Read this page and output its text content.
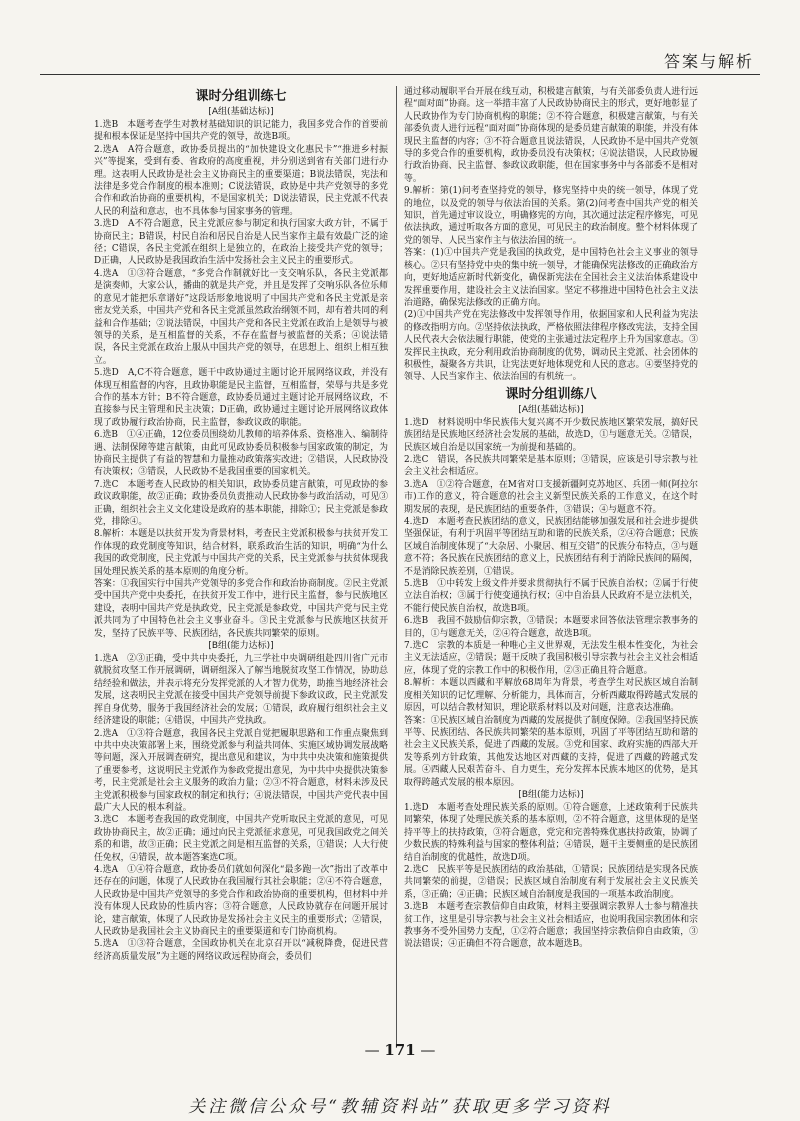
答案与解析
课时分组训练七
[A组(基础达标)]

1.选B　本题考查学生对教材基础知识的识记能力，我国多党合作的首要前提和根本保证是坚持中国共产党的领导，故选B项。

2.选A　A符合题意，政协委员提出的“加快建设文化惠民卡”“推进乡村振兴”等提案，受到有委、省政府的高度重视，并分别送到省有关部门进行办理。这表明人民政协是社会主义协商民主的重要渠道；B说法错误，宪法和法律是多党合作制度的根本准则；C说法错误，政协是中共产党领导的多党合作和政治协商的重要机构，不是国家机关；D说法错误，民主党派不代表人民的利益和意志，也不具体参与国家事务的管理。

3.选D　A不符合题意，民主党派应参与制定和执行国家大政方针，不属于协商民主；B错误，村民自治和居民自治是人民当家作主最有效最广泛的途径；C错误，各民主党派在组织上是独立的，在政治上接受共产党的领导；D正确，人民政协是我国政治生活中发扬社会主义民主的重要形式。

4.选A　①③符合题意，“多党合作制就好比一支交响乐队，各民主党派都是演奏师，大家公认，播曲的就是共产党，并且是发挥了交响乐队各位乐师的意见才能把乐章谱好”这段话形象地说明了中国共产党和各民主党派是亲密友党关系，中国共产党和各民主党派虽然政治纲领不同，却有着共同的利益和合作基础；②说法错误，中国共产党和各民主党派在政治上是领导与被领导的关系，是互相监督的关系，不存在监督与被监督的关系；④说法错误，各民主党派在政治上服从中国共产党的领导，在思想上、组织上相互独立。

5.选D　A,C不符合题意，题干中政协通过主题讨论开展网络议政，并没有体现互相监督的内容，且政协职能是民主监督，互相监督，荣辱与共是多党合作的基本方针；B不符合题意，政协委员通过主题讨论开展网络议政，不直接参与民主管理和民主决策；D正确，政协通过主题讨论开展网络议政体现了政协履行政治协商，民主监督，参政议政的职能。

6.选B　①④正确，12位委员围绕幼儿教师的培养体系、资格准入、编制待遇、法制保障等建言献策，由此可见政协委员积极参与国家政策的制定，为协商民主提供了有益的智慧和力量推动政策落实改进；②错误，人民政协没有决策权；③错误，人民政协不是我国重要的国家机关。

7.选C　本题考查人民政协的相关知识，政协委员建言献策，可见政协的参政议政职能，故②正确；政协委员负责推动人民政协参与政治活动，可见③正确，组织社会主义文化建设是政府的基本职能，排除①；民主党派是参政党，排除④。

8.解析：本题是以扶贫开发为背景材料，考查民主党派积极参与扶贫开发工作体现的政党制度等知识，结合材料，联系政治生活的知识，明确“为什么我国的政党制度，民主党派与中国共产党的关系，民主党派参与扶贫体现我国处理民族关系的基本原则的角度分析。

答案：①我国实行中国共产党领导的多党合作和政治协商制度。②民主党派受中国共产党中央委托，在扶贫开发工作中，进行民主监督，参与民族地区建设，表明中国共产党是执政党，民主党派是参政党，中国共产党与民主党派共同为了中国特色社会主义事业奋斗。③民主党派参与民族地区扶贫开发，坚持了民族平等、民族团结，各民族共同繁荣的原则。

[B组(能力达标)]

1.选A　②③正确，受中共中央委托，九三学社中央调研组赴四川省广元市就脱贫攻坚工作开展调研，调研组深入了解当地脱贫攻坚工作情况，协助总结经验和做法，并表示将充分发挥党派的人才智力优势，助推当地经济社会发展，这表明民主党派在接受中国共产党领导前提下参政议政，民主党派发挥自身优势，服务于我国经济社会的发展；①错误，政府履行组织社会主义经济建设的职能；④错误，中国共产党执政。

2.选A　①③符合题意，我国各民主党派自觉把履职思路和工作重点聚焦到中共中央决策部署上来，围绕党派参与利益共同体、实施区域协调发展战略等问题，深入开展调查研究，提出意见和建议，为中共中央决策和施策提供了重要参考，这说明民主党派作为参政党提出意见，为中共中央提供决策参考，民主党派是社会主义服务的政治力量；②③不符合题意，材料未涉及民主党派积极参与国家政权的制定和执行；④说法错误，中国共产党代表中国最广大人民的根本利益。

3.选C　本题考查我国的政党制度，中国共产党听取民主党派的意见，可见政协协商民主，故②正确；通过向民主党派征求意见，可见我国政党之间关系的和谐，故③正确；民主党派之间是相互监督的关系，①错误；人大行使任免权，④错误，故本题答案选C项。

4.选A　①④符合题意，政协委员们就如何深化“最多跑一次”指出了改革中还存在的问题，体现了人民政协在我国履行其社会职能；②④不符合题意，人民政协是中国共产党领导的多党合作和政治协商的重要机构，但材料中并没有体现人民政协的性质内容；③符合题意，人民政协就存在问题开展讨论，建言献策，体现了人民政协是发扬社会主义民主的重要形式；②错误，人民政协是我国社会主义协商民主的重要渠道和专门协商机构。

5.选A　①③符合题意，全国政协机关在北京召开以“减税降费，促进民营经济高质量发展”为主题的网络议政远程协商会，委员们

通过移动履职平台开展在线互动，积极建言献策，与有关部委负责人进行远程“面对面”协商。这一举措丰富了人民政协协商民主的形式，更好地彰显了人民政协作为专门协商机构的职能；②不符合题意，积极建言献策，与有关部委负责人进行远程“面对面”协商体现的是委员建言献策的职能，并没有体现民主监督的内容；③不符合题意且说法错误，人民政协不是中国共产党领导的多党合作的重要机构，政协委员没有决策权；④说法错误，人民政协履行政治协商、民主监督、参政议政职能，但在国家事务中与各部委不是相对等。

9.解析：第(1)问考查坚持党的领导，修宪坚持中央的统一领导，体现了党的地位，以及党的领导与依法治国的关系。第(2)问考查中国共产党的相关知识，首先通过审议设立，明确修宪的方向，其次通过法定程序修宪，可见依法执政，通过听取各方面的意见，可见民主的政治制度。整个材料体现了党的领导、人民当家作主与依法治国的统一。

答案：(1)①中国共产党是我国的执政党，是中国特色社会主义事业的领导核心。②只有坚持党中央的集中统一领导，才能确保宪法修改的正确政治方向，更好地适应新时代新变化，确保新宪法在全国社会主义法治体系建设中发挥重要作用，建设社会主义法治国家。坚定不移推进中国特色社会主义法治道路，确保宪法修改的正确方向。

(2)①中国共产党在宪法修改中发挥领导作用，依据国家和人民利益为宪法的修改指明方向。②坚持依法执政，严格依照法律程序修改宪法，支持全国人民代表大会依法履行职能，使党的主张通过法定程序上升为国家意志。③发挥民主执政，充分利用政治协商制度的优势，调动民主党派、社会团体的积极性，凝聚各方共识，让宪法更好地体现党和人民的意志。④要坚持党的领导、人民当家作主、依法治国的有机统一。

课时分组训练八
[A组(基础达标)]

1.选D　材料说明中华民族伟大复兴离不开少数民族地区繁荣发展，搞好民族团结是民族地区经济社会发展的基础，故选D，①与题意无关。②错误，民族区域自治是以国家统一为前提和基础的。

2.选C　错误，各民族共同繁荣是基本原则；③错误，应该是引导宗教与社会主义社会相适应。

3.选A　①②符合题意，在M省对口支援新疆阿克苏地区、兵团一师(阿拉尔市)工作的意义，符合题意的社会主义新型民族关系的工作意义，在这个时期发展的表现，是民族团结的重要条件，③错误；④与题意不符。

4.选D　本题考查民族团结的意义，民族团结能够加强发展和社会进步提供坚强保证，有利于巩固平等团结互助和谐的民族关系，②④符合题意；民族区域自治制度体现了“大杂居、小聚居、相互交错”的民族分布特点，③与题意不符；各民族在民族团结的意义上，民族团结有利于消除民族间的隔阂，不是消除民族差别，①错误。

5.选B　①中转发上级文件并要求贯彻执行不属于民族自治权；②属于行使立法自治权；③属于行使变通执行权；④中自治县人民政府不是立法机关，不能行使民族自治权，故选B项。

6.选B　我国不鼓励信仰宗教，③错误；本题要求回答依法管理宗教事务的目的，①与题意无关，②④符合题意，故选B项。

7.选C　宗教的本质是一种唯心主义世界观，无法发生根本性变化，为社会主义无法适应，②错误；题干反映了我国积极引导宗教与社会主义社会相适应，体现了党的宗教工作中的积极作用，②③正确且符合题意。

8.解析：本题以西藏和平解放68周年为背景，考查学生对民族区域自治制度相关知识的记忆理解、分析能力，具体而言，分析西藏取得跨越式发展的原因，可以结合教材知识，理论联系材料以及对问题，注意表达准确。

答案：①民族区域自治制度为西藏的发展提供了制度保障。②我国坚持民族平等、民族团结、各民族共同繁荣的基本原则，巩固了平等团结互助和谐的社会主义民族关系，促进了西藏的发展。③党和国家、政府实施的西部大开发等系列方针政策，其他发达地区对西藏的支持，促进了西藏的跨越式发展。④西藏人民艰苦奋斗、自力更生，充分发挥本民族本地区的优势，是其取得跨越式发展的根本原因。

[B组(能力达标)]

1.选D　本题考查处理民族关系的原则。①符合题意，上述政策利于民族共同繁荣，体现了处理民族关系的基本原则，②不符合题意，这里体现的是坚持平等上的扶持政策，③符合题意，党完和完善特殊优惠扶持政策，协调了少数民族的特殊利益与国家的整体利益；④错误，题干主要侧重的是民族团结自治制度的优越性，故选D项。

2.选C　民族平等是民族团结的政治基础，①错误；民族团结是实现各民族共同繁荣的前提，②错误；民族区域自治制度有利于发展社会主义民族关系，③正确；④正确；民族区域自治制度是我国的一项基本政治制度。

3.选B　本题考查宗教信仰自由政策，材料主要强调宗教界人士参与精准扶贫工作，这里是引导宗教与社会主义社会相适应，也说明我国宗教团体和宗教事务不受外国势力支配，①②符合题意；我国坚持宗教信仰自由政策，③说法错误；④正确但不符合题意，故本题选B。

— 171 —
关注微信公众号“教辅资料站”获取更多学习资料
